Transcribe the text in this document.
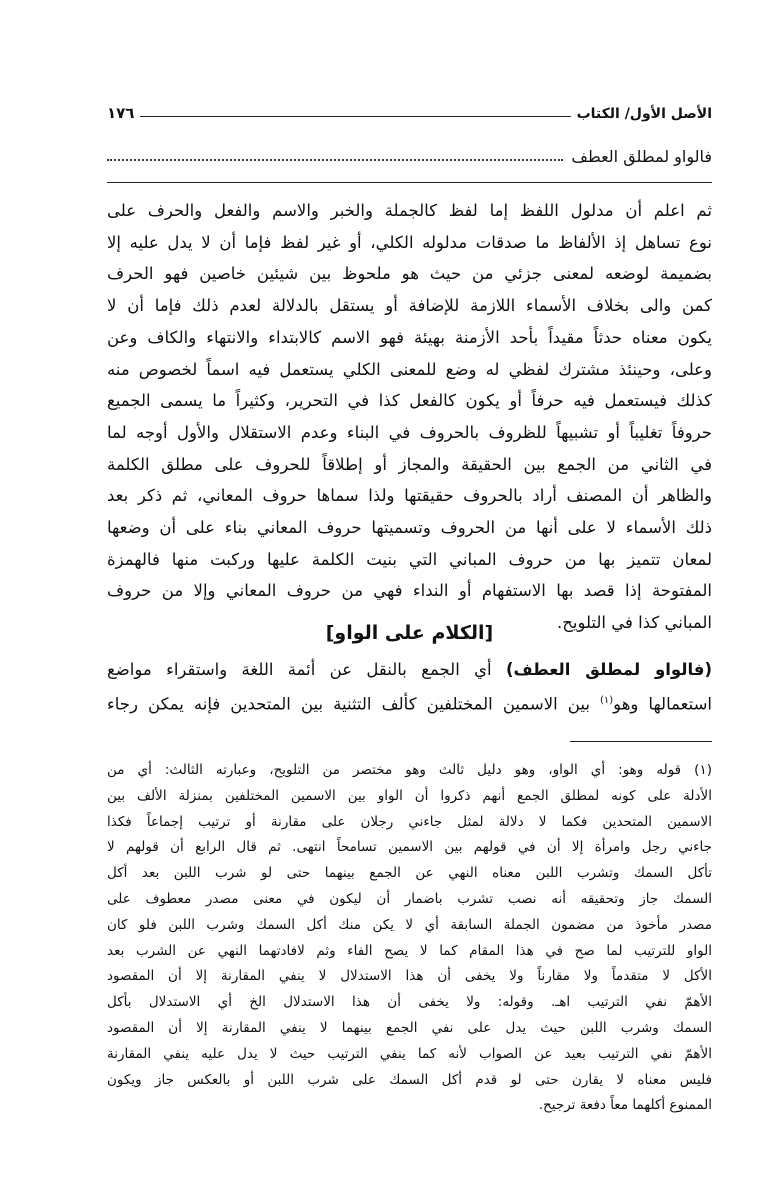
الأصل الأول/ الكتاب
١٧٦
فالواو لمطلق العطف
ثم اعلم أن مدلول اللفظ إما لفظ كالجملة والخبر والاسم والفعل والحرف على
نوع تساهل إذ الألفاظ ما صدقات مدلوله الكلي، أو غير لفظ فإما أن لا يدل عليه إلا
بضميمة لوضعه لمعنى جزئي من حيث هو ملحوظ بين شيئين خاصين فهو الحرف
كمن والى بخلاف الأسماء اللازمة للإضافة أو يستقل بالدلالة لعدم ذلك فإما أن لا
يكون معناه حدثاً مقيداً بأحد الأزمنة بهيئة فهو الاسم كالابتداء والانتهاء والكاف وعن
وعلى، وحينئذ مشترك لفظي له وضع للمعنى الكلي يستعمل فيه اسماً لخصوص منه
كذلك فيستعمل فيه حرفاً أو يكون كالفعل كذا في التحرير، وكثيراً ما يسمى الجميع
حروفاً تغليباً أو تشبيهاً للظروف بالحروف في البناء وعدم الاستقلال والأول أوجه لما
في الثاني من الجمع بين الحقيقة والمجاز أو إطلاقاً للحروف على مطلق الكلمة
والظاهر أن المصنف أراد بالحروف حقيقتها ولذا سماها حروف المعاني، ثم ذكر بعد
ذلك الأسماء لا على أنها من الحروف وتسميتها حروف المعاني بناء على أن وضعها
لمعان تتميز بها من حروف المباني التي بنيت الكلمة عليها وركبت منها فالهمزة
المفتوحة إذا قصد بها الاستفهام أو النداء فهي من حروف المعاني وإلا من حروف
المباني كذا في التلويح.
[الكلام على الواو]
(فالواو لمطلق العطف) أي الجمع بالنقل عن أئمة اللغة واستقراء مواضع
استعمالها وهو$^{(١)}$ بين الاسمين المختلفين كألف التثنية بين المتحدين فإنه يمكن رجاء
(١) قوله وهو: أي الواو، وهو دليل ثالث وهو مختصر من التلويح، وعبارته الثالث: أي من
الأدلة على كونه لمطلق الجمع أنهم ذكروا أن الواو بين الاسمين المختلفين بمنزلة الألف بين
الاسمين المتحدين فكما لا دلالة لمثل جاءني رجلان على مقارنة أو ترتيب إجماعاً فكذا
جاءني رجل وامرأة إلا أن في قولهم بين الاسمين تسامحاً انتهى. ثم قال الرابع أن قولهم لا
تأكل السمك وتشرب اللبن معناه النهي عن الجمع بينهما حتى لو شرب اللبن بعد أكل
السمك جاز وتحقيقه أنه نصب تشرب باضمار أن ليكون في معنى مصدر معطوف على
مصدر مأخوذ من مضمون الجملة السابقة أي لا يكن منك أكل السمك وشرب اللبن فلو كان
الواو للترتيب لما صح في هذا المقام كما لا يصح الفاء وثم لافادتهما النهي عن الشرب بعد
الأكل لا متقدماً ولا مقارناً ولا يخفى أن هذا الاستدلال لا ينفي المقارنة إلا أن المقصود
الأهمّ نفي الترتيب اهـ. وقوله: ولا يخفى أن هذا الاستدلال الخ أي الاستدلال بأكل
السمك وشرب اللبن حيث يدل على نفي الجمع بينهما لا ينفي المقارنة إلا أن المقصود
الأهمّ نفي الترتيب بعيد عن الصواب لأنه كما ينفي الترتيب حيث لا يدل عليه ينفي المقارنة
فليس معناه لا يقارن حتى لو قدم أكل السمك على شرب اللبن أو بالعكس جاز ويكون
الممنوع أكلهما معاً دفعة ترجيح.
